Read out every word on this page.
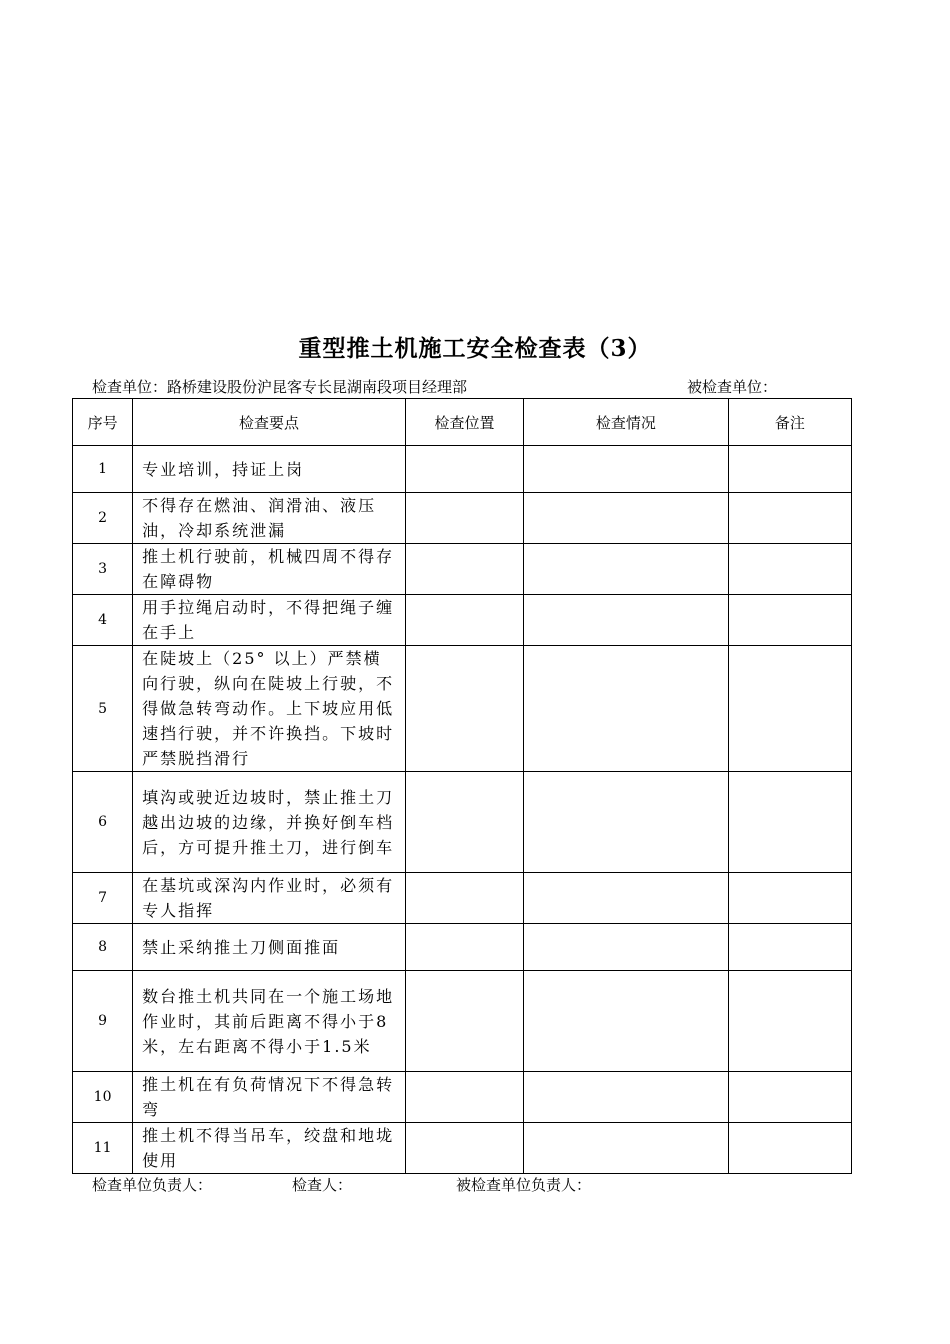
重型推土机施工安全检查表（3）
检查单位：路桥建设股份沪昆客专长昆湖南段项目经理部	被检查单位：
序号	检查要点	检查位置	检查情况	备注
1	专业培训，持证上岗			
2	不得存在燃油、润滑油、液压油，冷却系统泄漏			
3	推土机行驶前，机械四周不得存在障碍物			
4	用手拉绳启动时，不得把绳子缠在手上			
5	在陡坡上（25° 以上）严禁横向行驶，纵向在陡坡上行驶，不得做急转弯动作。上下坡应用低速挡行驶，并不许换挡。下坡时严禁脱挡滑行			
6	填沟或驶近边坡时，禁止推土刀越出边坡的边缘，并换好倒车档后，方可提升推土刀，进行倒车			
7	在基坑或深沟内作业时，必须有专人指挥			
8	禁止采纳推土刀侧面推面			
9	数台推土机共同在一个施工场地作业时，其前后距离不得小于8米，左右距离不得小于1.5米			
10	推土机在有负荷情况下不得急转弯			
11	推土机不得当吊车，绞盘和地垅使用			
检查单位负责人：	检查人：	被检查单位负责人：
